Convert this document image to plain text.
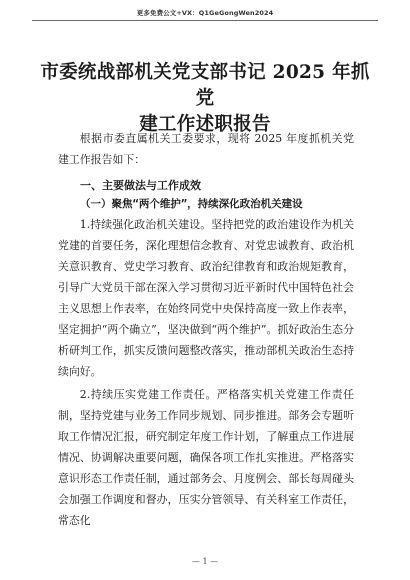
更多免费公文+VX：Q1GeGongWen2024
市委统战部机关党支部书记 2025 年抓党
建工作述职报告
根据市委直属机关工委要求，现将 2025 年度抓机关党建工作报告如下：
一、主要做法与工作成效
（一）聚焦“两个维护”，持续深化政治机关建设
1.持续强化政治机关建设。坚持把党的政治建设作为机关党建的首要任务，深化理想信念教育、对党忠诚教育、政治机关意识教育、党史学习教育、政治纪律教育和政治规矩教育，引导广大党员干部在深入学习贯彻习近平新时代中国特色社会主义思想上作表率，在始终同党中央保持高度一致上作表率，坚定拥护“两个确立”，坚决做到“两个维护”。抓好政治生态分析研判工作，抓实反馈问题整改落实，推动部机关政治生态持续向好。
2.持续压实党建工作责任。严格落实机关党建工作责任制，坚持党建与业务工作同步规划、同步推进。部务会专题听取工作情况汇报，研究制定年度工作计划，了解重点工作进展情况、协调解决重要问题，确保各项工作扎实推进。严格落实意识形态工作责任制，通过部务会、月度例会、部长每周碰头会加强工作调度和督办，压实分管领导、有关科室工作责任，常态化
— 1 —
